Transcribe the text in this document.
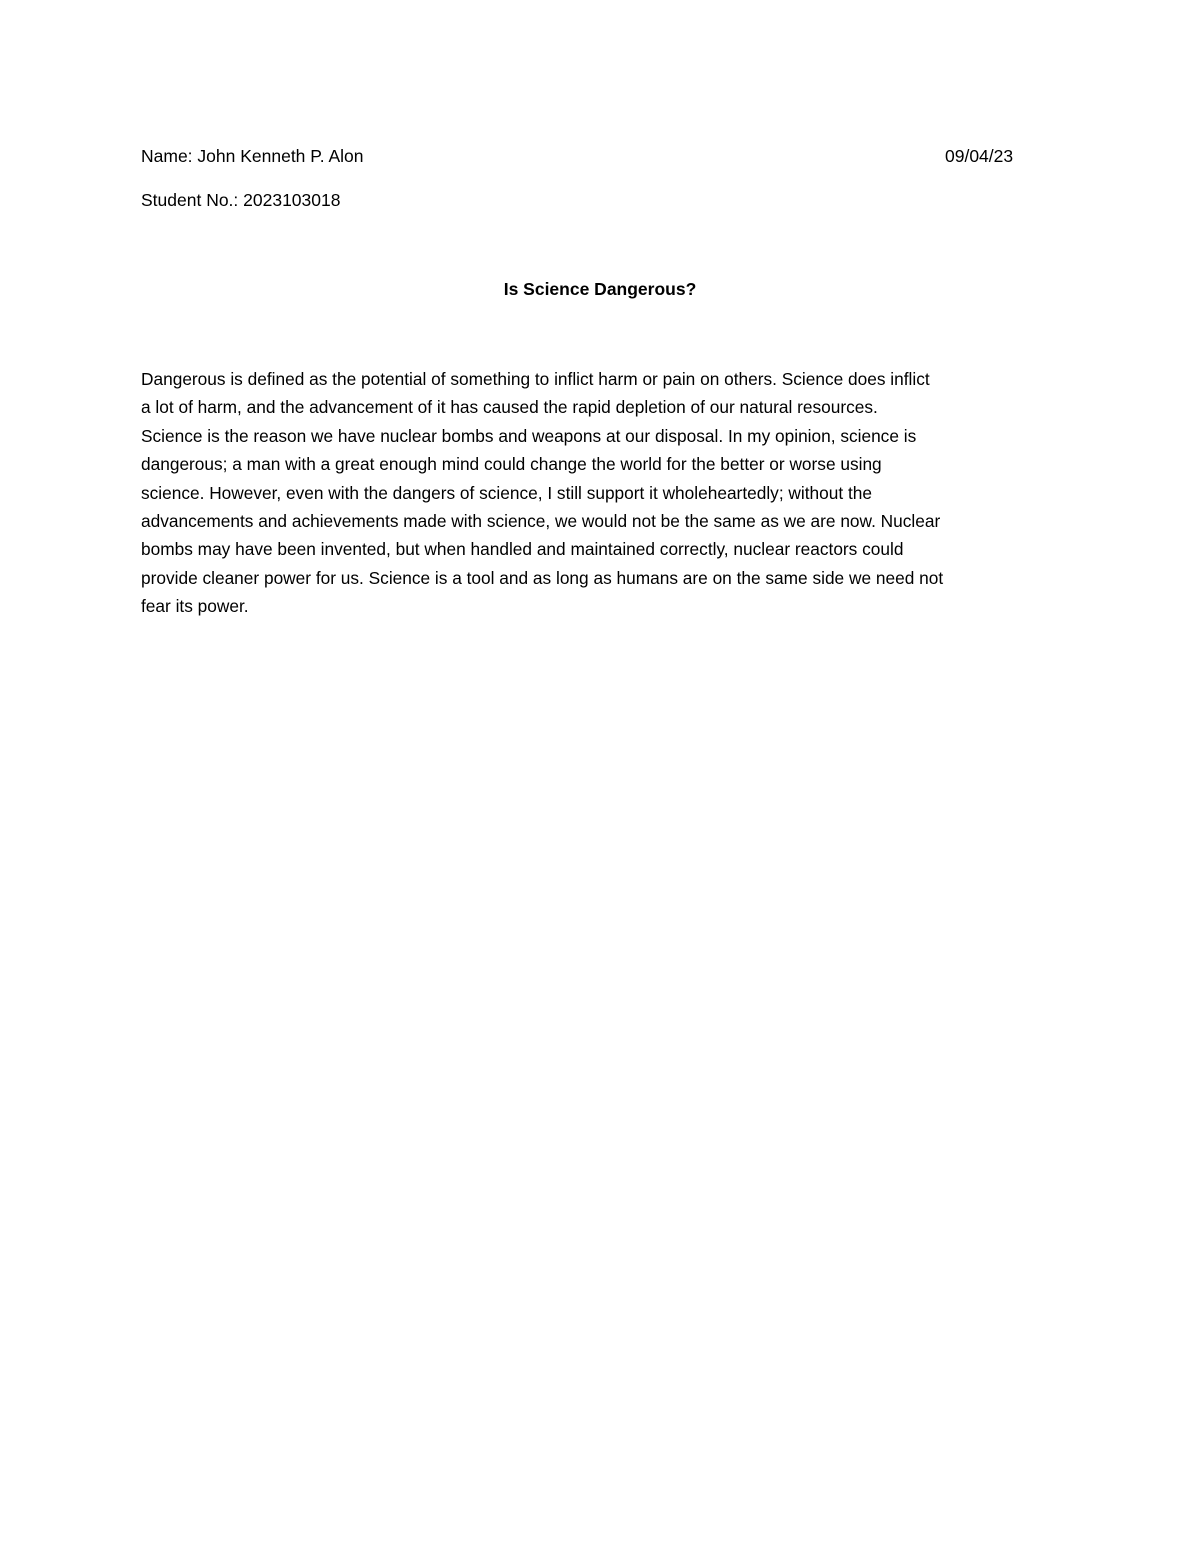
Name: John Kenneth P. Alon	09/04/23
Student No.: 2023103018
Is Science Dangerous?
Dangerous is defined as the potential of something to inflict harm or pain on others. Science does inflict
a lot of harm, and the advancement of it has caused the rapid depletion of our natural resources.
Science is the reason we have nuclear bombs and weapons at our disposal. In my opinion, science is
dangerous; a man with a great enough mind could change the world for the better or worse using
science. However, even with the dangers of science, I still support it wholeheartedly; without the
advancements and achievements made with science, we would not be the same as we are now. Nuclear
bombs may have been invented, but when handled and maintained correctly, nuclear reactors could
provide cleaner power for us. Science is a tool and as long as humans are on the same side we need not
fear its power.
